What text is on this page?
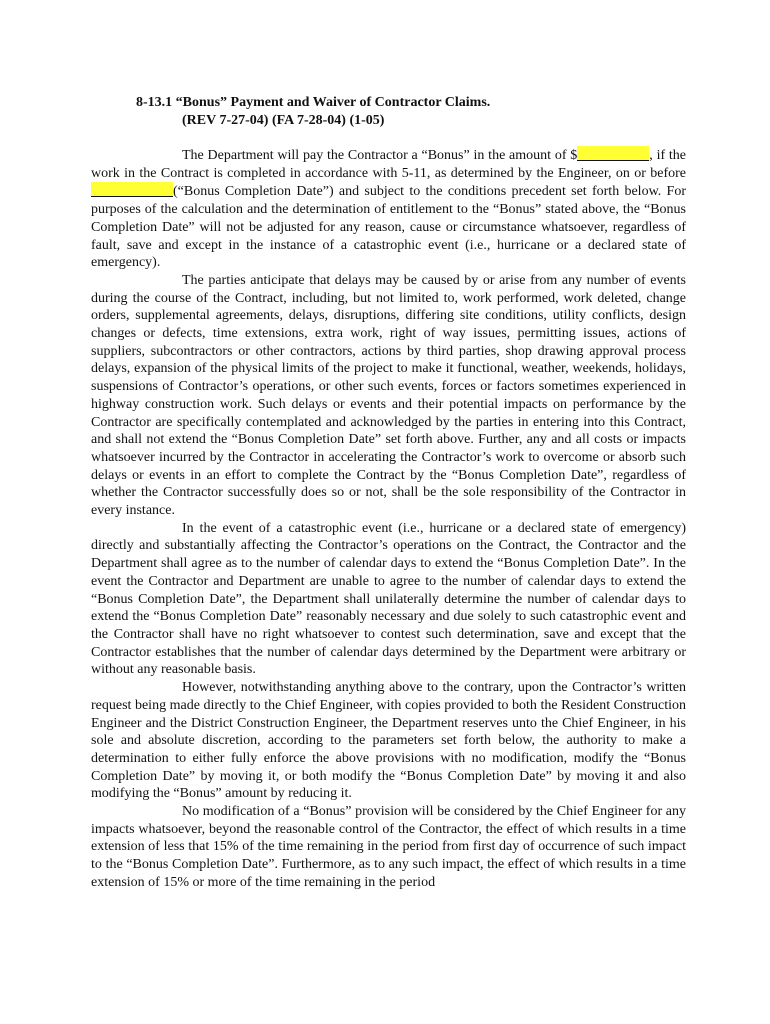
8-13.1 “Bonus” Payment and Waiver of Contractor Claims.
(REV 7-27-04) (FA 7-28-04) (1-05)

The Department will pay the Contractor a “Bonus” in the amount of $	, if the work in the Contract is completed in accordance with 5-11, as determined by the Engineer, on or before (“Bonus Completion Date”) and subject to the conditions precedent set forth below. For purposes of the calculation and the determination of entitlement to the “Bonus” stated above, the “Bonus Completion Date” will not be adjusted for any reason, cause or circumstance whatsoever, regardless of fault, save and except in the instance of a catastrophic event (i.e., hurricane or a declared state of emergency).

The parties anticipate that delays may be caused by or arise from any number of events during the course of the Contract, including, but not limited to, work performed, work deleted, change orders, supplemental agreements, delays, disruptions, differing site conditions, utility conflicts, design changes or defects, time extensions, extra work, right of way issues, permitting issues, actions of suppliers, subcontractors or other contractors, actions by third parties, shop drawing approval process delays, expansion of the physical limits of the project to make it functional, weather, weekends, holidays, suspensions of Contractor’s operations, or other such events, forces or factors sometimes experienced in highway construction work. Such delays or events and their potential impacts on performance by the Contractor are specifically contemplated and acknowledged by the parties in entering into this Contract, and shall not extend the “Bonus Completion Date” set forth above. Further, any and all costs or impacts whatsoever incurred by the Contractor in accelerating the Contractor’s work to overcome or absorb such delays or events in an effort to complete the Contract by the “Bonus Completion Date”, regardless of whether the Contractor successfully does so or not, shall be the sole responsibility of the Contractor in every instance.

In the event of a catastrophic event (i.e., hurricane or a declared state of emergency) directly and substantially affecting the Contractor’s operations on the Contract, the Contractor and the Department shall agree as to the number of calendar days to extend the “Bonus Completion Date”. In the event the Contractor and Department are unable to agree to the number of calendar days to extend the “Bonus Completion Date”, the Department shall unilaterally determine the number of calendar days to extend the “Bonus Completion Date” reasonably necessary and due solely to such catastrophic event and the Contractor shall have no right whatsoever to contest such determination, save and except that the Contractor establishes that the number of calendar days determined by the Department were arbitrary or without any reasonable basis.

However, notwithstanding anything above to the contrary, upon the Contractor’s written request being made directly to the Chief Engineer, with copies provided to both the Resident Construction Engineer and the District Construction Engineer, the Department reserves unto the Chief Engineer, in his sole and absolute discretion, according to the parameters set forth below, the authority to make a determination to either fully enforce the above provisions with no modification, modify the “Bonus Completion Date” by moving it, or both modify the “Bonus Completion Date” by moving it and also modifying the “Bonus” amount by reducing it.

No modification of a “Bonus” provision will be considered by the Chief Engineer for any impacts whatsoever, beyond the reasonable control of the Contractor, the effect of which results in a time extension of less that 15% of the time remaining in the period from first day of occurrence of such impact to the “Bonus Completion Date”. Furthermore, as to any such impact, the effect of which results in a time extension of 15% or more of the time remaining in the period
